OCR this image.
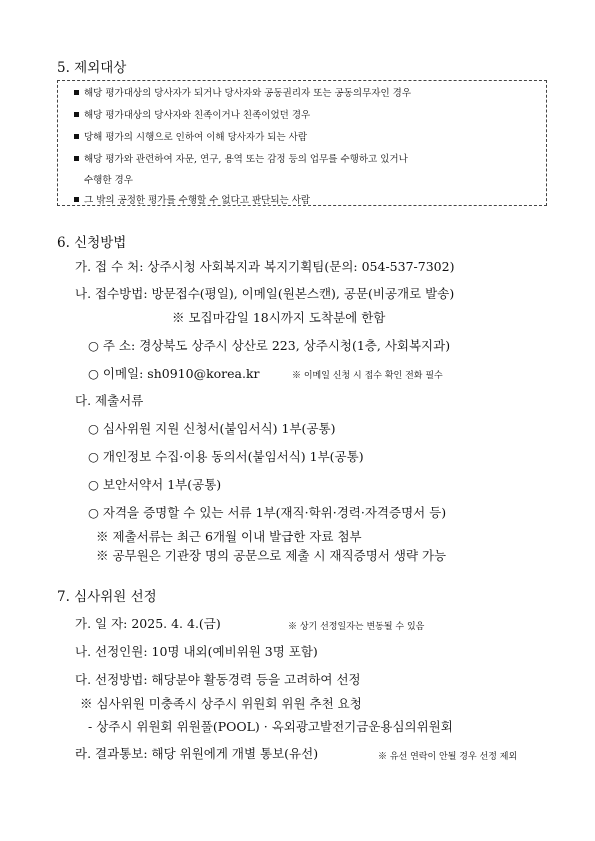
5. 제외대상
해당 평가대상의 당사자가 되거나 당사자와 공동권리자 또는 공동의무자인 경우
해당 평가대상의 당사자와 친족이거나 친족이었던 경우
당해 평가의 시행으로 인하여 이해 당사자가 되는 사람
해당 평가와 관련하여 자문, 연구, 용역 또는 감정 등의 업무를 수행하고 있거나
수행한 경우
그 밖의 공정한 평가를 수행할 수 없다고 판단되는 사람
6. 신청방법
가. 접 수 처: 상주시청 사회복지과 복지기획팀(문의: 054-537-7302)
나. 접수방법: 방문접수(평일), 이메일(원본스캔), 공문(비공개로 발송)
※ 모집마감일 18시까지 도착분에 한함
○ 주 소: 경상북도 상주시 상산로 223, 상주시청(1층, 사회복지과)
○ 이메일: sh0910@korea.kr	※ 이메일 신청 시 접수 확인 전화 필수
다. 제출서류
○ 심사위원 지원 신청서(붙임서식) 1부(공통)
○ 개인정보 수집·이용 동의서(붙임서식) 1부(공통)
○ 보안서약서 1부(공통)
○ 자격을 증명할 수 있는 서류 1부(재직·학위·경력·자격증명서 등)
※ 제출서류는 최근 6개월 이내 발급한 자료 첨부
※ 공무원은 기관장 명의 공문으로 제출 시 재직증명서 생략 가능
7. 심사위원 선정
가. 일 자: 2025. 4. 4.(금)	※ 상기 선정일자는 변동될 수 있음
나. 선정인원: 10명 내외(예비위원 3명 포함)
다. 선정방법: 해당분야 활동경력 등을 고려하여 선정
※ 심사위원 미충족시 상주시 위원회 위원 추천 요청
- 상주시 위원회 위원풀(POOL) · 옥외광고발전기금운용심의위원회
라. 결과통보: 해당 위원에게 개별 통보(유선)	※ 유선 연락이 안될 경우 선정 제외
